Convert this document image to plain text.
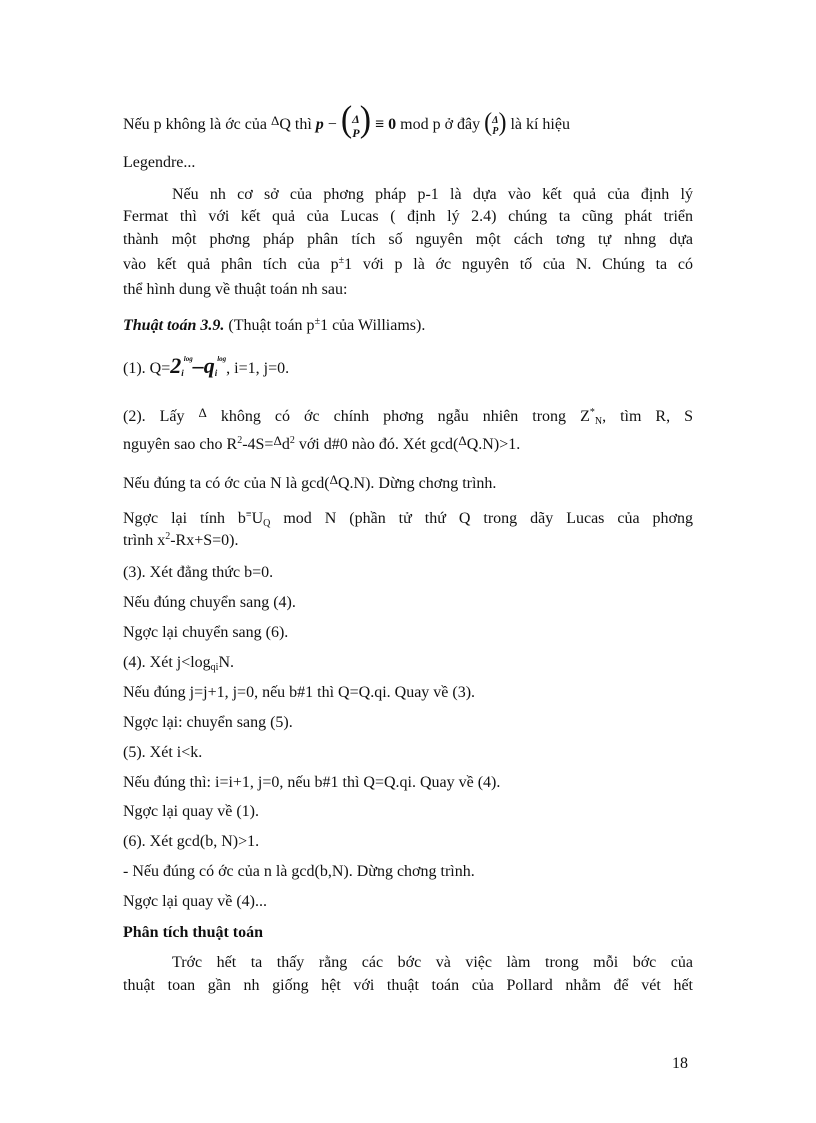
Nếu p không là ớc của $^\Delta$Q thì p − (Δ
P) ≡ 0 mod p ở đây (Δ
P) là kí hiệu
Legendre...
Nếu nh cơ sở của phơng pháp p-1 là dựa vào kết quả của định lý
Fermat thì với kết quả của Lucas ( định lý 2.4) chúng ta cũng phát triển
thành một phơng pháp phân tích số nguyên một cách tơng tự nhng dựa
vào kết quả phân tích của p±1 với p là ớc nguyên tố của N. Chúng ta có
thể hình dung về thuật toán nh sau:
Thuật toán 3.9. (Thuật toán p±1 của Williams).
(1). $Q=2_i^{log}-q_i^{log}$, i=1, j=0.
(2). Lấy $^\Delta$ không có ớc chính phơng ngẫu nhiên trong $Z^*_N$, tìm R, S
nguyên sao cho $R^2-4S=^\Delta d^2$ với d#0 nào đó. Xét gcd($^\Delta$Q.N)>1.
Nếu đúng ta có ớc của N là gcd($^\Delta$Q.N). Dừng chơng trình.
Ngợc lại tính $b^\equiv U_Q$ mod N (phần tử thứ Q trong dãy Lucas của phơng
trình $x^2-Rx+S=0$).
(3). Xét đẳng thức b=0.
Nếu đúng chuyển sang (4).
Ngợc lại chuyển sang (6).
(4). Xét $j<\log_{qi}N$.
Nếu đúng j=j+1, j=0, nếu b#1 thì Q=Q.qi. Quay về (3).
Ngợc lại: chuyển sang (5).
(5). Xét i<k.
Nếu đúng thì: i=i+1, j=0, nếu b#1 thì Q=Q.qi. Quay về (4).
Ngợc lại quay về (1).
(6). Xét gcd(b, N)>1.
- Nếu đúng có ớc của n là gcd(b,N). Dừng chơng trình.
Ngợc lại quay về (4)...
Phân tích thuật toán
Trớc hết ta thấy rằng các bớc và việc làm trong mỗi bớc của
thuật toan gần nh giống hệt với thuật toán của Pollard nhằm để vét hết
18
